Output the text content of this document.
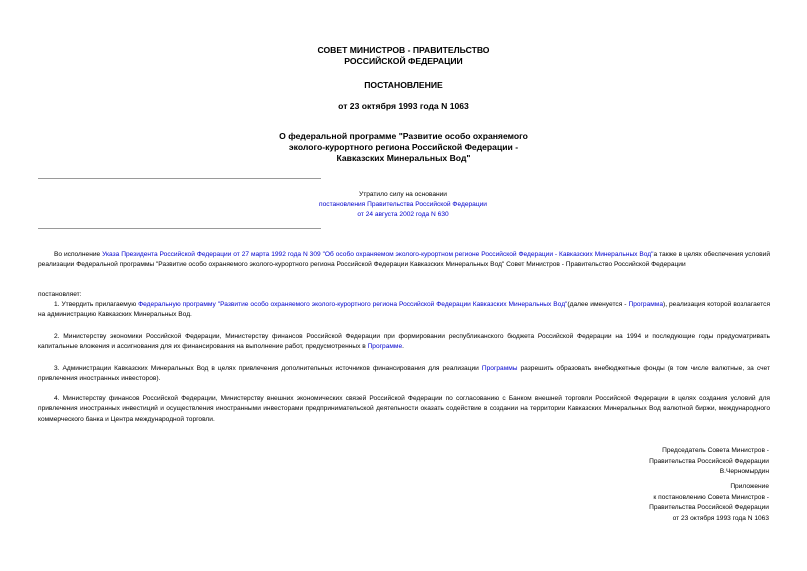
СОВЕТ МИНИСТРОВ - ПРАВИТЕЛЬСТВО
РОССИЙСКОЙ ФЕДЕРАЦИИ
ПОСТАНОВЛЕНИЕ
от 23 октября 1993 года N 1063
О федеральной программе "Развитие особо охраняемого
эколого-курортного региона Российской Федерации -
Кавказских Минеральных Вод"
Утратило силу на основании
постановления Правительства Российской Федерации
от 24 августа 2002 года N 630
Во исполнение Указа Президента Российской Федерации от 27 марта 1992 года N 309 "Об особо охраняемом эколого-курортном регионе Российской Федерации - Кавказских Минеральных Вод"а также в целях обеспечения условий реализации Федеральной программы "Развитие особо охраняемого эколого-курортного региона Российской Федерации Кавказских Минеральных Вод" Совет Министров - Правительство Российской Федерации
постановляет:
1. Утвердить прилагаемую Федеральную программу "Развитие особо охраняемого эколого-курортного региона Российской Федерации Кавказских Минеральных Вод"(далее именуется - Программа), реализация которой возлагается на администрацию Кавказских Минеральных Вод.
2. Министерству экономики Российской Федерации, Министерству финансов Российской Федерации при формировании республиканского бюджета Российской Федерации на 1994 и последующие годы предусматривать капитальные вложения и ассигнования для их финансирования на выполнение работ, предусмотренных в Программе.
3. Администрации Кавказских Минеральных Вод в целях привлечения дополнительных источников финансирования для реализации Программы разрешить образовать внебюджетные фонды (в том числе валютные, за счет привлечения иностранных инвесторов).
4. Министерству финансов Российской Федерации, Министерству внешних экономических связей Российской Федерации по согласованию с Банком внешней торговли Российской Федерации в целях создания условий для привлечения иностранных инвестиций и осуществления иностранными инвесторами предпринимательской деятельности оказать содействие в создании на территории Кавказских Минеральных Вод валютной биржи, международного коммерческого банка и Центра международной торговли.
Председатель Совета Министров -
Правительства Российской Федерации
В.Черномырдин
Приложение
к постановлению Совета Министров -
Правительства Российской Федерации
от 23 октября 1993 года N 1063
